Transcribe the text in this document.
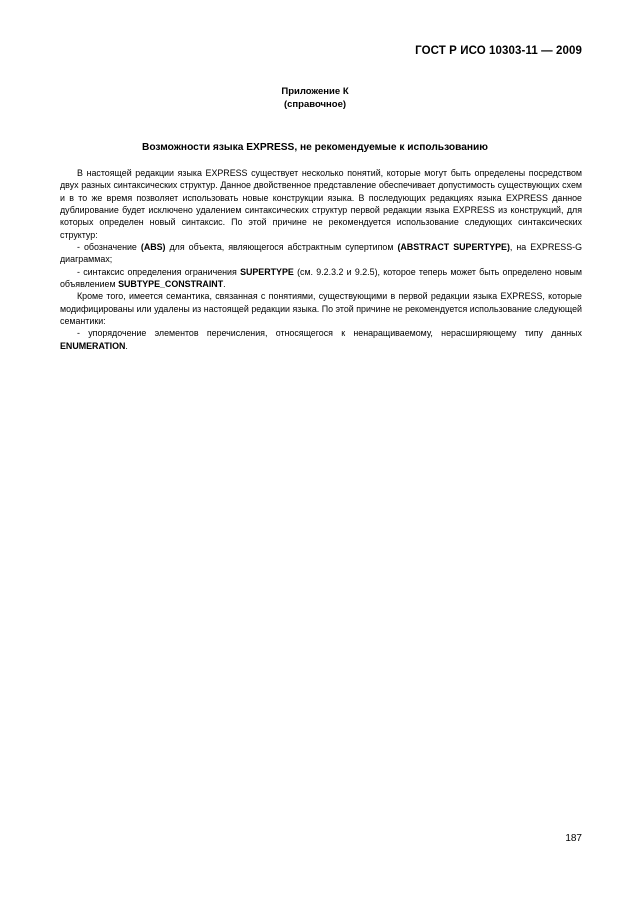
ГОСТ Р ИСО 10303-11 — 2009
Приложение К
(справочное)
Возможности языка EXPRESS, не рекомендуемые к использованию

В настоящей редакции языка EXPRESS существует несколько понятий, которые могут быть определены посредством двух разных синтаксических структур. Данное двойственное представление обеспечивает допустимость существующих схем и в то же время позволяет использовать новые конструкции языка. В последующих редакциях языка EXPRESS данное дублирование будет исключено удалением синтаксических структур первой редакции языка EXPRESS из конструкций, для которых определен новый синтаксис. По этой причине не рекомендуется использование следующих синтаксических структур:

- обозначение (ABS) для объекта, являющегося абстрактным супертипом (ABSTRACT SUPERTYPE), на EXPRESS-G диаграммах;

- синтаксис определения ограничения SUPERTYPE (см. 9.2.3.2 и 9.2.5), которое теперь может быть определено новым объявлением SUBTYPE_CONSTRAINT.

Кроме того, имеется семантика, связанная с понятиями, существующими в первой редакции языка EXPRESS, которые модифицированы или удалены из настоящей редакции языка. По этой причине не рекомендуется использование следующей семантики:

- упорядочение элементов перечисления, относящегося к ненаращиваемому, нерасширяющему типу данных ENUMERATION.

187
